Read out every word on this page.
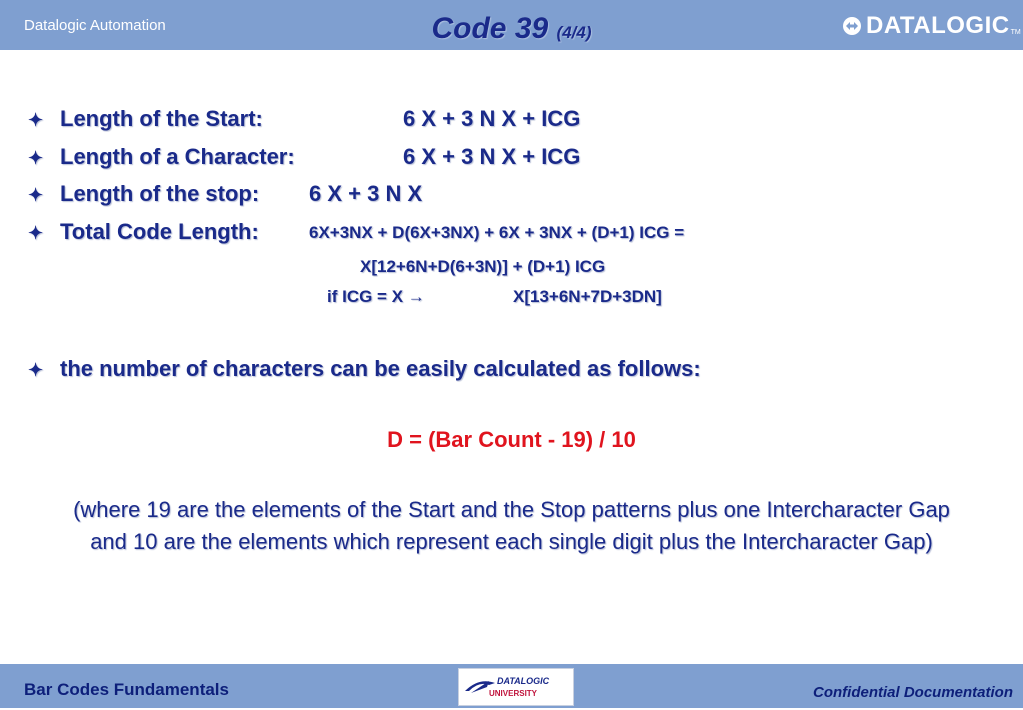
Datalogic Automation	Code 39 (4/4)	DATALOGIC TM
✦ Length of the Start:	6 X + 3 N X + ICG
✦ Length of a Character:	6 X + 3 N X + ICG
✦ Length of the stop: 6 X + 3 N X
✦ Total Code Length:	6X+3NX + D(6X+3NX) + 6X + 3NX + (D+1) ICG =
X[12+6N+D(6+3N)] + (D+1) ICG
if ICG = X →	X[13+6N+7D+3DN]
✦ the number of characters can be easily calculated as follows:
D = (Bar Count - 19) / 10
(where 19 are the elements of the Start and the Stop patterns plus one Intercharacter Gap and 10 are the elements which represent each single digit plus the Intercharacter Gap)
Bar Codes Fundamentals	DATALOGIC
UNIVERSITY	Confidential Documentation
